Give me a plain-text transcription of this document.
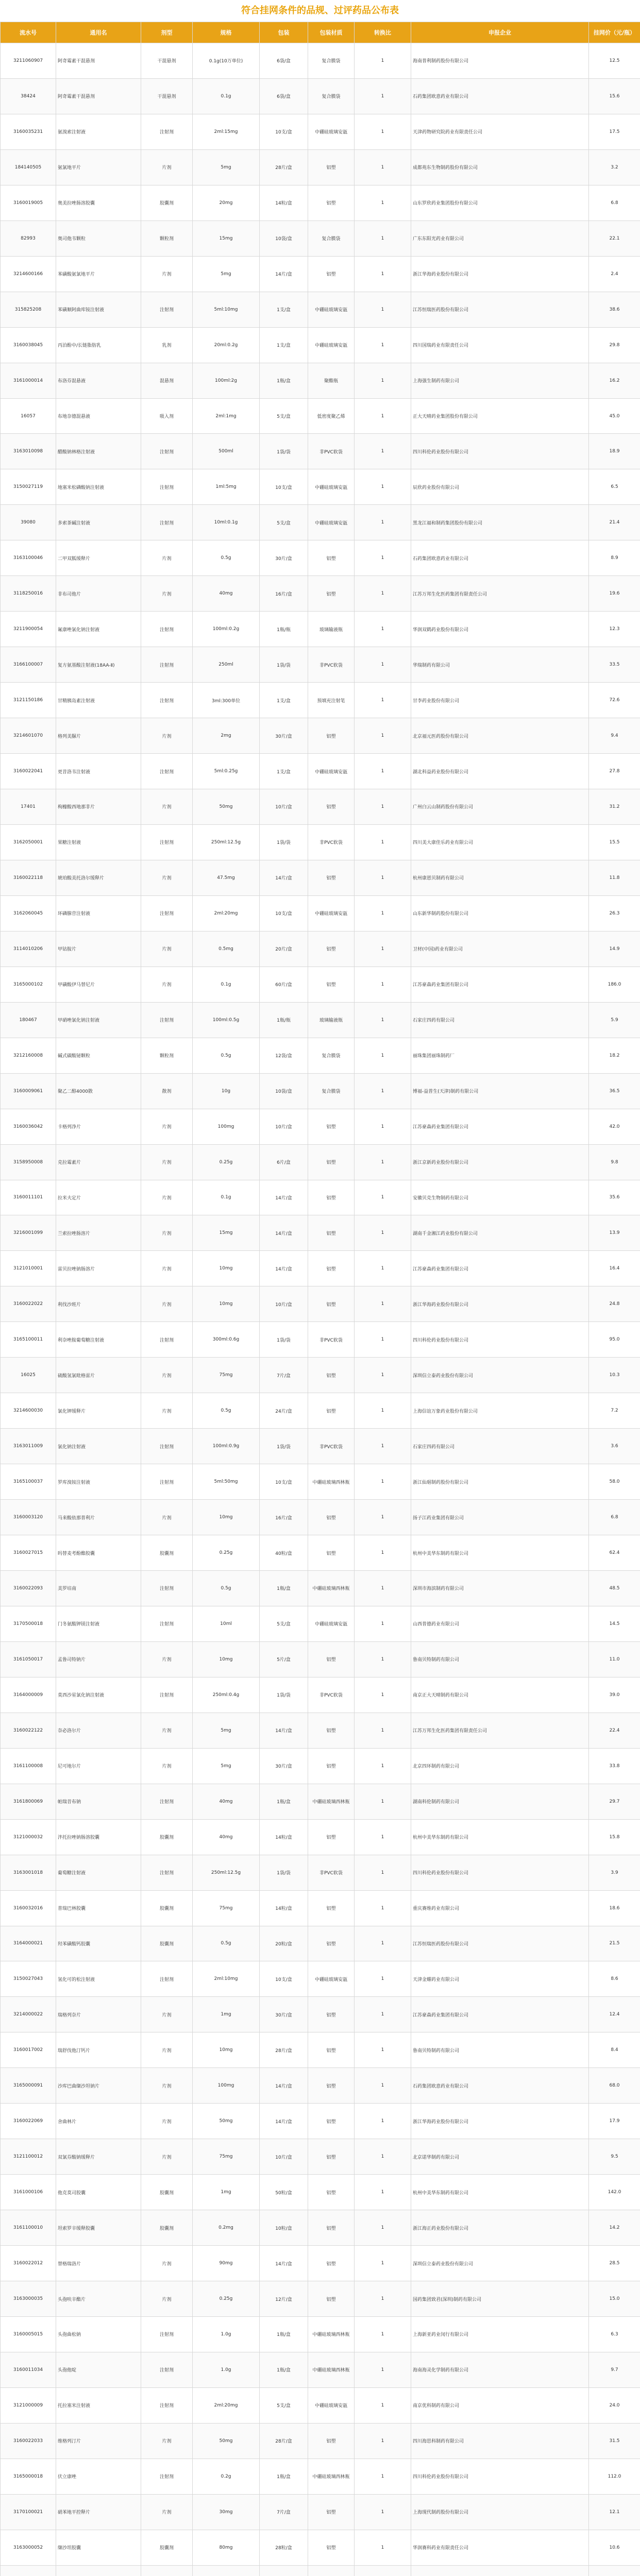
符合挂网条件的品规、过评药品公布表
流水号	通用名	剂型	规格	包装	包装材质	转换比	申报企业	挂网价（元/瓶）
3211060907	阿奇霉素干混悬剂	干混悬剂	0.1g(10万单位)	6袋/盒	复合膜袋	1	海南普利制药股份有限公司	12.5
38424	阿奇霉素干混悬剂	干混悬剂	0.1g	6袋/盒	复合膜袋	1	石药集团欧意药业有限公司	15.6
3160035231	氨溴索注射液	注射剂	2ml:15mg	10支/盒	中硼硅玻璃安瓿	1	天津药物研究院药业有限责任公司	17.5
184140505	氨氯地平片	片剂	5mg	28片/盒	铝塑	1	成都苑东生物制药股份有限公司	3.2
3160019005	奥美拉唑肠溶胶囊	胶囊剂	20mg	14粒/盒	铝塑	1	山东罗欣药业集团股份有限公司	6.8
82993	奥司他韦颗粒	颗粒剂	15mg	10袋/盒	复合膜袋	1	广东东阳光药业有限公司	22.1
3214600166	苯磺酸氨氯地平片	片剂	5mg	14片/盒	铝塑	1	浙江华海药业股份有限公司	2.4
315825208	苯磺顺阿曲库铵注射液	注射剂	5ml:10mg	1支/盒	中硼硅玻璃安瓿	1	江苏恒瑞医药股份有限公司	38.6
3160038045	丙泊酚中/长链脂肪乳	乳剂	20ml:0.2g	1支/盒	中硼硅玻璃安瓿	1	四川国瑞药业有限责任公司	29.8
3161000014	布洛芬混悬液	混悬剂	100ml:2g	1瓶/盒	聚酯瓶	1	上海强生制药有限公司	16.2
16057	布地奈德混悬液	吸入剂	2ml:1mg	5支/盒	低密度聚乙烯	1	正大天晴药业集团股份有限公司	45.0
3163010098	醋酸钠林格注射液	注射剂	500ml	1袋/袋	非PVC软袋	1	四川科伦药业股份有限公司	18.9
3150027119	地塞米松磷酸钠注射液	注射剂	1ml:5mg	10支/盒	中硼硅玻璃安瓿	1	辰欣药业股份有限公司	6.5
39080	多索茶碱注射液	注射剂	10ml:0.1g	5支/盒	中硼硅玻璃安瓿	1	黑龙江福和制药集团股份有限公司	21.4
3163100046	二甲双胍缓释片	片剂	0.5g	30片/盒	铝塑	1	石药集团欧意药业有限公司	8.9
3118250016	非布司他片	片剂	40mg	16片/盒	铝塑	1	江苏万邦生化医药集团有限责任公司	19.6
3211900054	氟康唑氯化钠注射液	注射剂	100ml:0.2g	1瓶/瓶	玻璃输液瓶	1	华润双鹤药业股份有限公司	12.3
3166100007	复方氨基酸注射液(18AA-Ⅱ)	注射剂	250ml	1袋/袋	非PVC软袋	1	华瑞制药有限公司	33.5
3121150186	甘精胰岛素注射液	注射剂	3ml:300单位	1支/盒	预填充注射笔	1	甘李药业股份有限公司	72.6
3214601070	格列美脲片	片剂	2mg	30片/盒	铝塑	1	北京福元医药股份有限公司	9.4
3160022041	更昔洛韦注射液	注射剂	5ml:0.25g	1支/盒	中硼硅玻璃安瓿	1	湖北科益药业股份有限公司	27.8
17401	枸橼酸西地那非片	片剂	50mg	10片/盒	铝塑	1	广州白云山制药股份有限公司	31.2
3162050001	果糖注射液	注射剂	250ml:12.5g	1袋/袋	非PVC软袋	1	四川美大康佳乐药业有限公司	15.5
3160022118	琥珀酸美托洛尔缓释片	片剂	47.5mg	14片/盒	铝塑	1	杭州康恩贝制药有限公司	11.8
3162060045	环磷腺苷注射液	注射剂	2ml:20mg	10支/盒	中硼硅玻璃安瓿	1	山东新华制药股份有限公司	26.3
3114010206	甲钴胺片	片剂	0.5mg	20片/盒	铝塑	1	卫材(中国)药业有限公司	14.9
3165000102	甲磺酸伊马替尼片	片剂	0.1g	60片/盒	铝塑	1	江苏豪森药业集团有限公司	186.0
180467	甲硝唑氯化钠注射液	注射剂	100ml:0.5g	1瓶/瓶	玻璃输液瓶	1	石家庄四药有限公司	5.9
3212160008	碱式碳酸铋颗粒	颗粒剂	0.5g	12袋/盒	复合膜袋	1	丽珠集团丽珠制药厂	18.2
3160009061	聚乙二醇4000散	散剂	10g	10袋/盒	复合膜袋	1	博福-益普生(天津)制药有限公司	36.5
3160036042	卡格列净片	片剂	100mg	10片/盒	铝塑	1	江苏豪森药业集团有限公司	42.0
3158950008	克拉霉素片	片剂	0.25g	6片/盒	铝塑	1	浙江京新药业股份有限公司	9.8
3160011101	拉米夫定片	片剂	0.1g	14片/盒	铝塑	1	安徽贝克生物制药有限公司	35.6
3216001099	兰索拉唑肠溶片	片剂	15mg	14片/盒	铝塑	1	湖南千金湘江药业股份有限公司	13.9
3121010001	雷贝拉唑钠肠溶片	片剂	10mg	14片/盒	铝塑	1	江苏豪森药业集团有限公司	16.4
3160022022	利伐沙班片	片剂	10mg	10片/盒	铝塑	1	浙江华海药业股份有限公司	24.8
3165100011	利奈唑胺葡萄糖注射液	注射剂	300ml:0.6g	1袋/袋	非PVC软袋	1	四川科伦药业股份有限公司	95.0
16025	硫酸氢氯吡格雷片	片剂	75mg	7片/盒	铝塑	1	深圳信立泰药业股份有限公司	10.3
3214600030	氯化钾缓释片	片剂	0.5g	24片/盒	铝塑	1	上海信谊万象药业股份有限公司	7.2
3163011009	氯化钠注射液	注射剂	100ml:0.9g	1袋/袋	非PVC软袋	1	石家庄四药有限公司	3.6
3165100037	罗库溴铵注射液	注射剂	5ml:50mg	10支/盒	中硼硅玻璃西林瓶	1	浙江仙琚制药股份有限公司	58.0
3160003120	马来酸依那普利片	片剂	10mg	16片/盒	铝塑	1	扬子江药业集团有限公司	6.8
3160027015	吗替麦考酚酯胶囊	胶囊剂	0.25g	40粒/盒	铝塑	1	杭州中美华东制药有限公司	62.4
3160022093	美罗培南	注射剂	0.5g	1瓶/盒	中硼硅玻璃西林瓶	1	深圳市海滨制药有限公司	48.5
3170500018	门冬氨酸钾镁注射液	注射剂	10ml	5支/盒	中硼硅玻璃安瓿	1	山西普德药业有限公司	14.5
3161050017	孟鲁司特钠片	片剂	10mg	5片/盒	铝塑	1	鲁南贝特制药有限公司	11.0
3164000009	莫西沙星氯化钠注射液	注射剂	250ml:0.4g	1袋/袋	非PVC软袋	1	南京正大天晴制药有限公司	39.0
3160022122	奈必洛尔片	片剂	5mg	14片/盒	铝塑	1	江苏万邦生化医药集团有限责任公司	22.4
3161100008	尼可地尔片	片剂	5mg	30片/盒	铝塑	1	北京四环制药有限公司	33.8
3161800069	帕瑞昔布钠	注射剂	40mg	1瓶/盒	中硼硅玻璃西林瓶	1	湖南科伦制药有限公司	29.7
3121000032	泮托拉唑钠肠溶胶囊	胶囊剂	40mg	14粒/盒	铝塑	1	杭州中美华东制药有限公司	15.8
3163001018	葡萄糖注射液	注射剂	250ml:12.5g	1袋/袋	非PVC软袋	1	四川科伦药业股份有限公司	3.9
3160032016	普瑞巴林胶囊	胶囊剂	75mg	14粒/盒	铝塑	1	重庆赛维药业有限公司	18.6
3164000021	羟苯磺酸钙胶囊	胶囊剂	0.5g	20粒/盒	铝塑	1	江苏恒瑞医药股份有限公司	21.5
3150027043	氢化可的松注射液	注射剂	2ml:10mg	10支/盒	中硼硅玻璃安瓿	1	天津金耀药业有限公司	8.6
3214000022	瑞格列奈片	片剂	1mg	30片/盒	铝塑	1	江苏豪森药业集团有限公司	12.4
3160017002	瑞舒伐他汀钙片	片剂	10mg	28片/盒	铝塑	1	鲁南贝特制药有限公司	8.4
3165000091	沙库巴曲缬沙坦钠片	片剂	100mg	14片/盒	铝塑	1	石药集团欧意药业有限公司	68.0
3160022069	舍曲林片	片剂	50mg	14片/盒	铝塑	1	浙江华海药业股份有限公司	17.9
3121100012	双氯芬酸钠缓释片	片剂	75mg	10片/盒	铝塑	1	北京诺华制药有限公司	9.5
3161000106	他克莫司胶囊	胶囊剂	1mg	50粒/盒	铝塑	1	杭州中美华东制药有限公司	142.0
3161100010	坦索罗辛缓释胶囊	胶囊剂	0.2mg	10粒/盒	铝塑	1	浙江海正药业股份有限公司	14.2
3160022012	替格瑞洛片	片剂	90mg	14片/盒	铝塑	1	深圳信立泰药业股份有限公司	28.5
3163000035	头孢呋辛酯片	片剂	0.25g	12片/盒	铝塑	1	国药集团致君(深圳)制药有限公司	15.0
3160005015	头孢曲松钠	注射剂	1.0g	1瓶/盒	中硼硅玻璃西林瓶	1	上海新亚药业闵行有限公司	6.3
3160011034	头孢他啶	注射剂	1.0g	1瓶/盒	中硼硅玻璃西林瓶	1	海南海灵化学制药有限公司	9.7
3121000009	托拉塞米注射液	注射剂	2ml:20mg	5支/盒	中硼硅玻璃安瓿	1	南京优科制药有限公司	24.0
3160022033	维格列汀片	片剂	50mg	28片/盒	铝塑	1	四川海思科制药有限公司	31.5
3165000018	伏立康唑	注射剂	0.2g	1瓶/盒	中硼硅玻璃西林瓶	1	四川科伦药业股份有限公司	112.0
3170100021	硝苯地平控释片	片剂	30mg	7片/盒	铝塑	1	上海现代制药股份有限公司	12.1
3163000052	缬沙坦胶囊	胶囊剂	80mg	28粒/盒	铝塑	1	华润赛科药业有限责任公司	10.6
